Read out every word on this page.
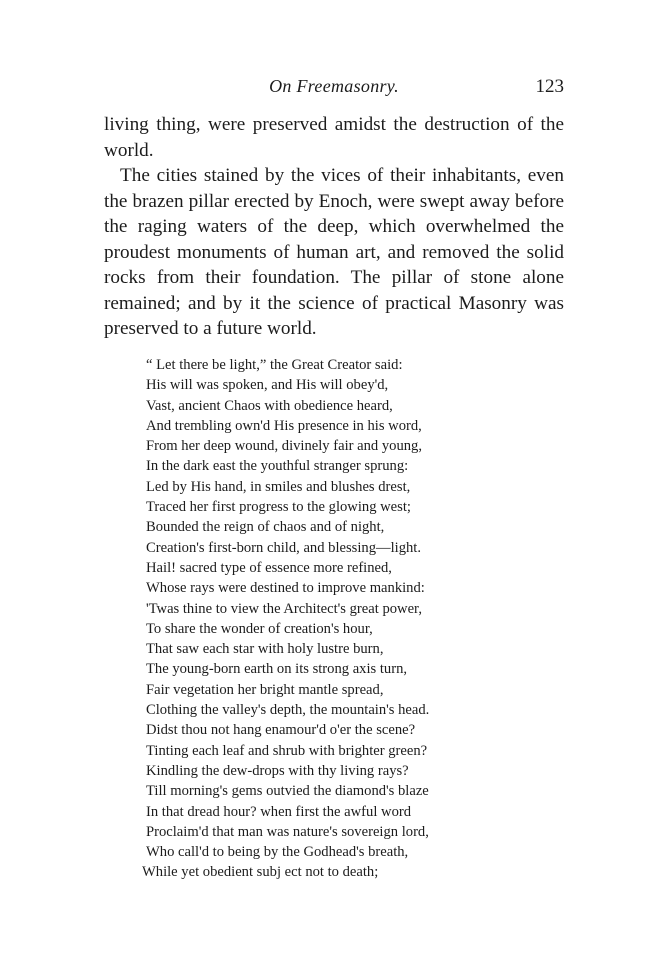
On Freemasonry.	123

living thing, were preserved amidst the destruction of the world.

The cities stained by the vices of their inhabitants, even the brazen pillar erected by Enoch, were swept away before the raging waters of the deep, which overwhelmed the proudest monuments of human art, and removed the solid rocks from their foundation. The pillar of stone alone remained; and by it the science of practical Masonry was preserved to a future world.

“ Let there be light,” the Great Creator said:
His will was spoken, and His will obey'd,
Vast, ancient Chaos with obedience heard,
And trembling own'd His presence in his word,
From her deep wound, divinely fair and young,
In the dark east the youthful stranger sprung:
Led by His hand, in smiles and blushes drest,
Traced her first progress to the glowing west;
Bounded the reign of chaos and of night,
Creation's first-born child, and blessing—light.
Hail! sacred type of essence more refined,
Whose rays were destined to improve mankind:
'Twas thine to view the Architect's great power,
To share the wonder of creation's hour,
That saw each star with holy lustre burn,
The young-born earth on its strong axis turn,
Fair vegetation her bright mantle spread,
Clothing the valley's depth, the mountain's head.
Didst thou not hang enamour'd o'er the scene?
Tinting each leaf and shrub with brighter green?
Kindling the dew-drops with thy living rays?
Till morning's gems outvied the diamond's blaze
In that dread hour? when first the awful word
Proclaim'd that man was nature's sovereign lord,
Who call'd to being by the Godhead's breath,
While yet obedient subj ect not to death;
